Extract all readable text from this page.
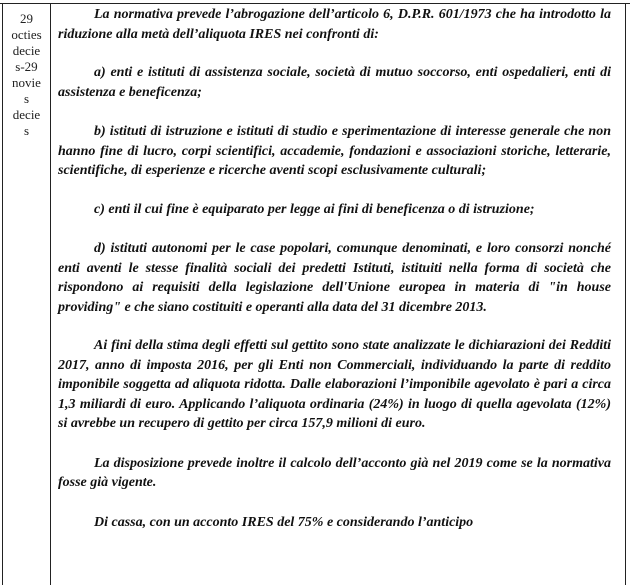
29
octies
decie
s-29
novie
s
decie
s

La normativa prevede l’abrogazione dell’articolo 6, D.P.R. 601/1973 che ha introdotto la riduzione alla metà dell’aliquota IRES nei confronti di:

a) enti e istituti di assistenza sociale, società di mutuo soccorso, enti ospedalieri, enti di assistenza e beneficenza;

b) istituti di istruzione e istituti di studio e sperimentazione di interesse generale che non hanno fine di lucro, corpi scientifici, accademie, fondazioni e associazioni storiche, letterarie, scientifiche, di esperienze e ricerche aventi scopi esclusivamente culturali;

c) enti il cui fine è equiparato per legge ai fini di beneficenza o di istruzione;

d) istituti autonomi per le case popolari, comunque denominati, e loro consorzi nonché enti aventi le stesse finalità sociali dei predetti Istituti, istituiti nella forma di società che rispondono ai requisiti della legislazione dell'Unione europea in materia di "in house providing" e che siano costituiti e operanti alla data del 31 dicembre 2013.

Ai fini della stima degli effetti sul gettito sono state analizzate le dichiarazioni dei Redditi 2017, anno di imposta 2016, per gli Enti non Commerciali, individuando la parte di reddito imponibile soggetta ad aliquota ridotta. Dalle elaborazioni l’imponibile agevolato è pari a circa 1,3 miliardi di euro. Applicando l’aliquota ordinaria (24%) in luogo di quella agevolata (12%) si avrebbe un recupero di gettito per circa 157,9 milioni di euro.

La disposizione prevede inoltre il calcolo dell’acconto già nel 2019 come se la normativa fosse già vigente.

Di cassa, con un acconto IRES del 75% e considerando l’anticipo
